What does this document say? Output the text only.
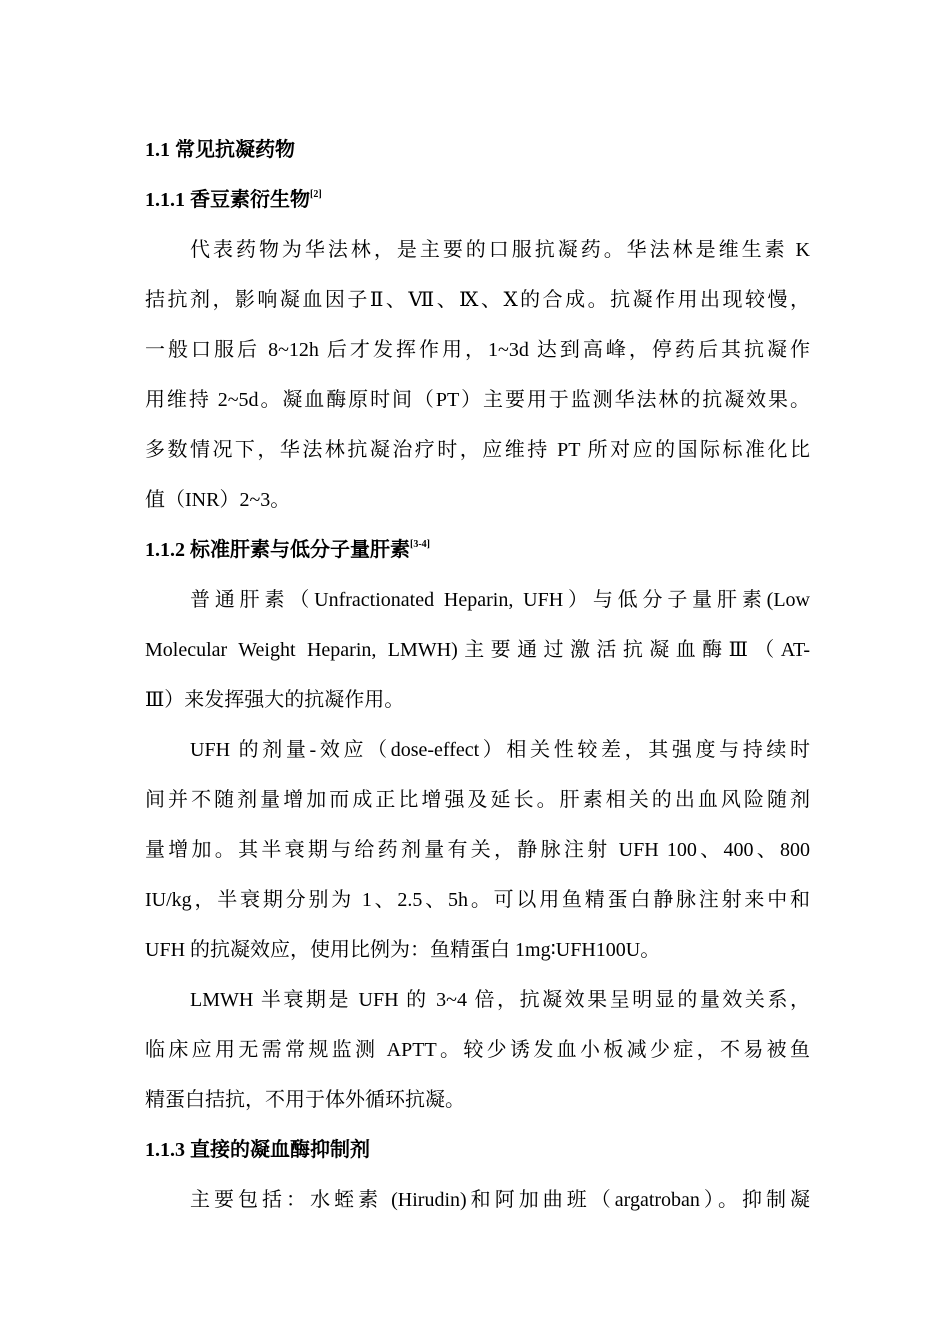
1.1 常见抗凝药物
1.1.1 香豆素衍生物[2]
代表药物为华法林，是主要的口服抗凝药。华法林是维生素 K
拮抗剂，影响凝血因子Ⅱ、Ⅶ、Ⅸ、Ⅹ的合成。抗凝作用出现较慢，
一般口服后 8~12h 后才发挥作用，1~3d 达到高峰，停药后其抗凝作
用维持 2~5d。凝血酶原时间（PT）主要用于监测华法林的抗凝效果。
多数情况下，华法林抗凝治疗时，应维持 PT 所对应的国际标准化比
值（INR）2~3。
1.1.2 标准肝素与低分子量肝素[3-4]
普通肝素（Unfractionated Heparin, UFH）与低分子量肝素(Low
Molecular Weight Heparin, LMWH)主要通过激活抗凝血酶Ⅲ（AT-
Ⅲ）来发挥强大的抗凝作用。
UFH 的剂量-效应（dose-effect）相关性较差，其强度与持续时
间并不随剂量增加而成正比增强及延长。肝素相关的出血风险随剂
量增加。其半衰期与给药剂量有关，静脉注射 UFH 100、400、800
IU/kg，半衰期分别为 1、2.5、5h。可以用鱼精蛋白静脉注射来中和
UFH 的抗凝效应，使用比例为：鱼精蛋白 1mg∶UFH100U。
LMWH 半衰期是 UFH 的 3~4 倍，抗凝效果呈明显的量效关系，
临床应用无需常规监测 APTT。较少诱发血小板减少症，不易被鱼
精蛋白拮抗，不用于体外循环抗凝。
1.1.3 直接的凝血酶抑制剂
主要包括：水蛭素 (Hirudin)和阿加曲班（argatroban）。抑制凝
